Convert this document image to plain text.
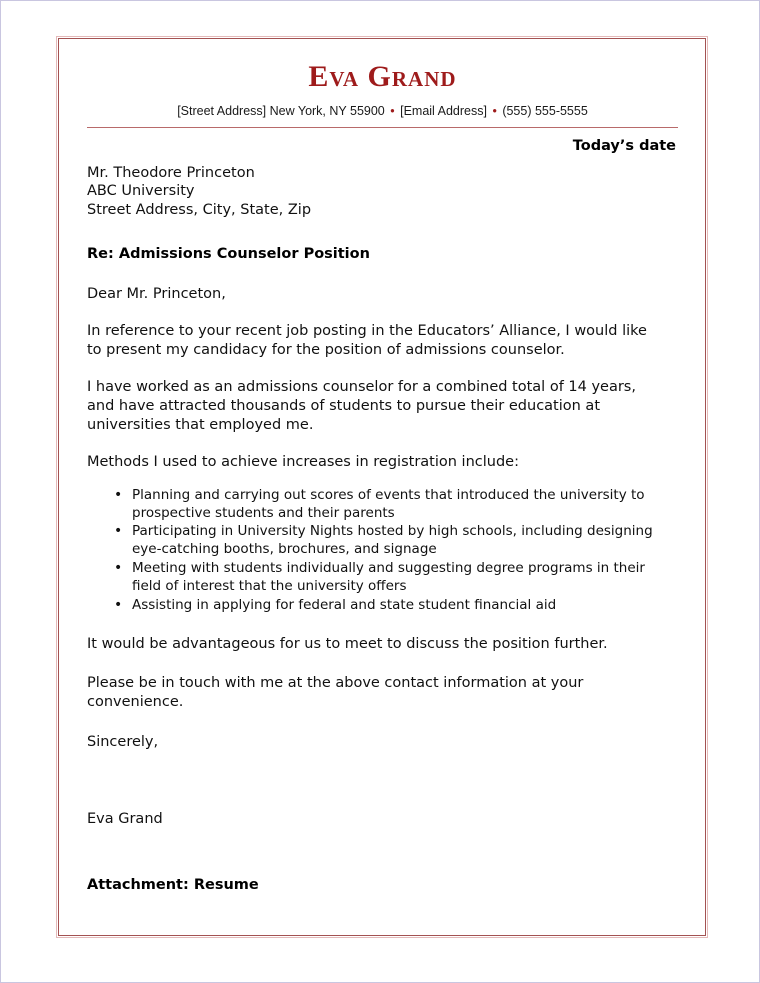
Eva Grand
[Street Address] New York, NY 55900 • [Email Address] • (555) 555-5555
Today’s date
Mr. Theodore Princeton
ABC University
Street Address, City, State, Zip
Re: Admissions Counselor Position
Dear Mr. Princeton,

In reference to your recent job posting in the Educators’ Alliance, I would like to present my candidacy for the position of admissions counselor.

I have worked as an admissions counselor for a combined total of 14 years, and have attracted thousands of students to pursue their education at universities that employed me.

Methods I used to achieve increases in registration include:

• Planning and carrying out scores of events that introduced the university to prospective students and their parents
• Participating in University Nights hosted by high schools, including designing eye-catching booths, brochures, and signage
• Meeting with students individually and suggesting degree programs in their field of interest that the university offers
• Assisting in applying for federal and state student financial aid

It would be advantageous for us to meet to discuss the position further.

Please be in touch with me at the above contact information at your convenience.

Sincerely,

Eva Grand
Attachment: Resume
